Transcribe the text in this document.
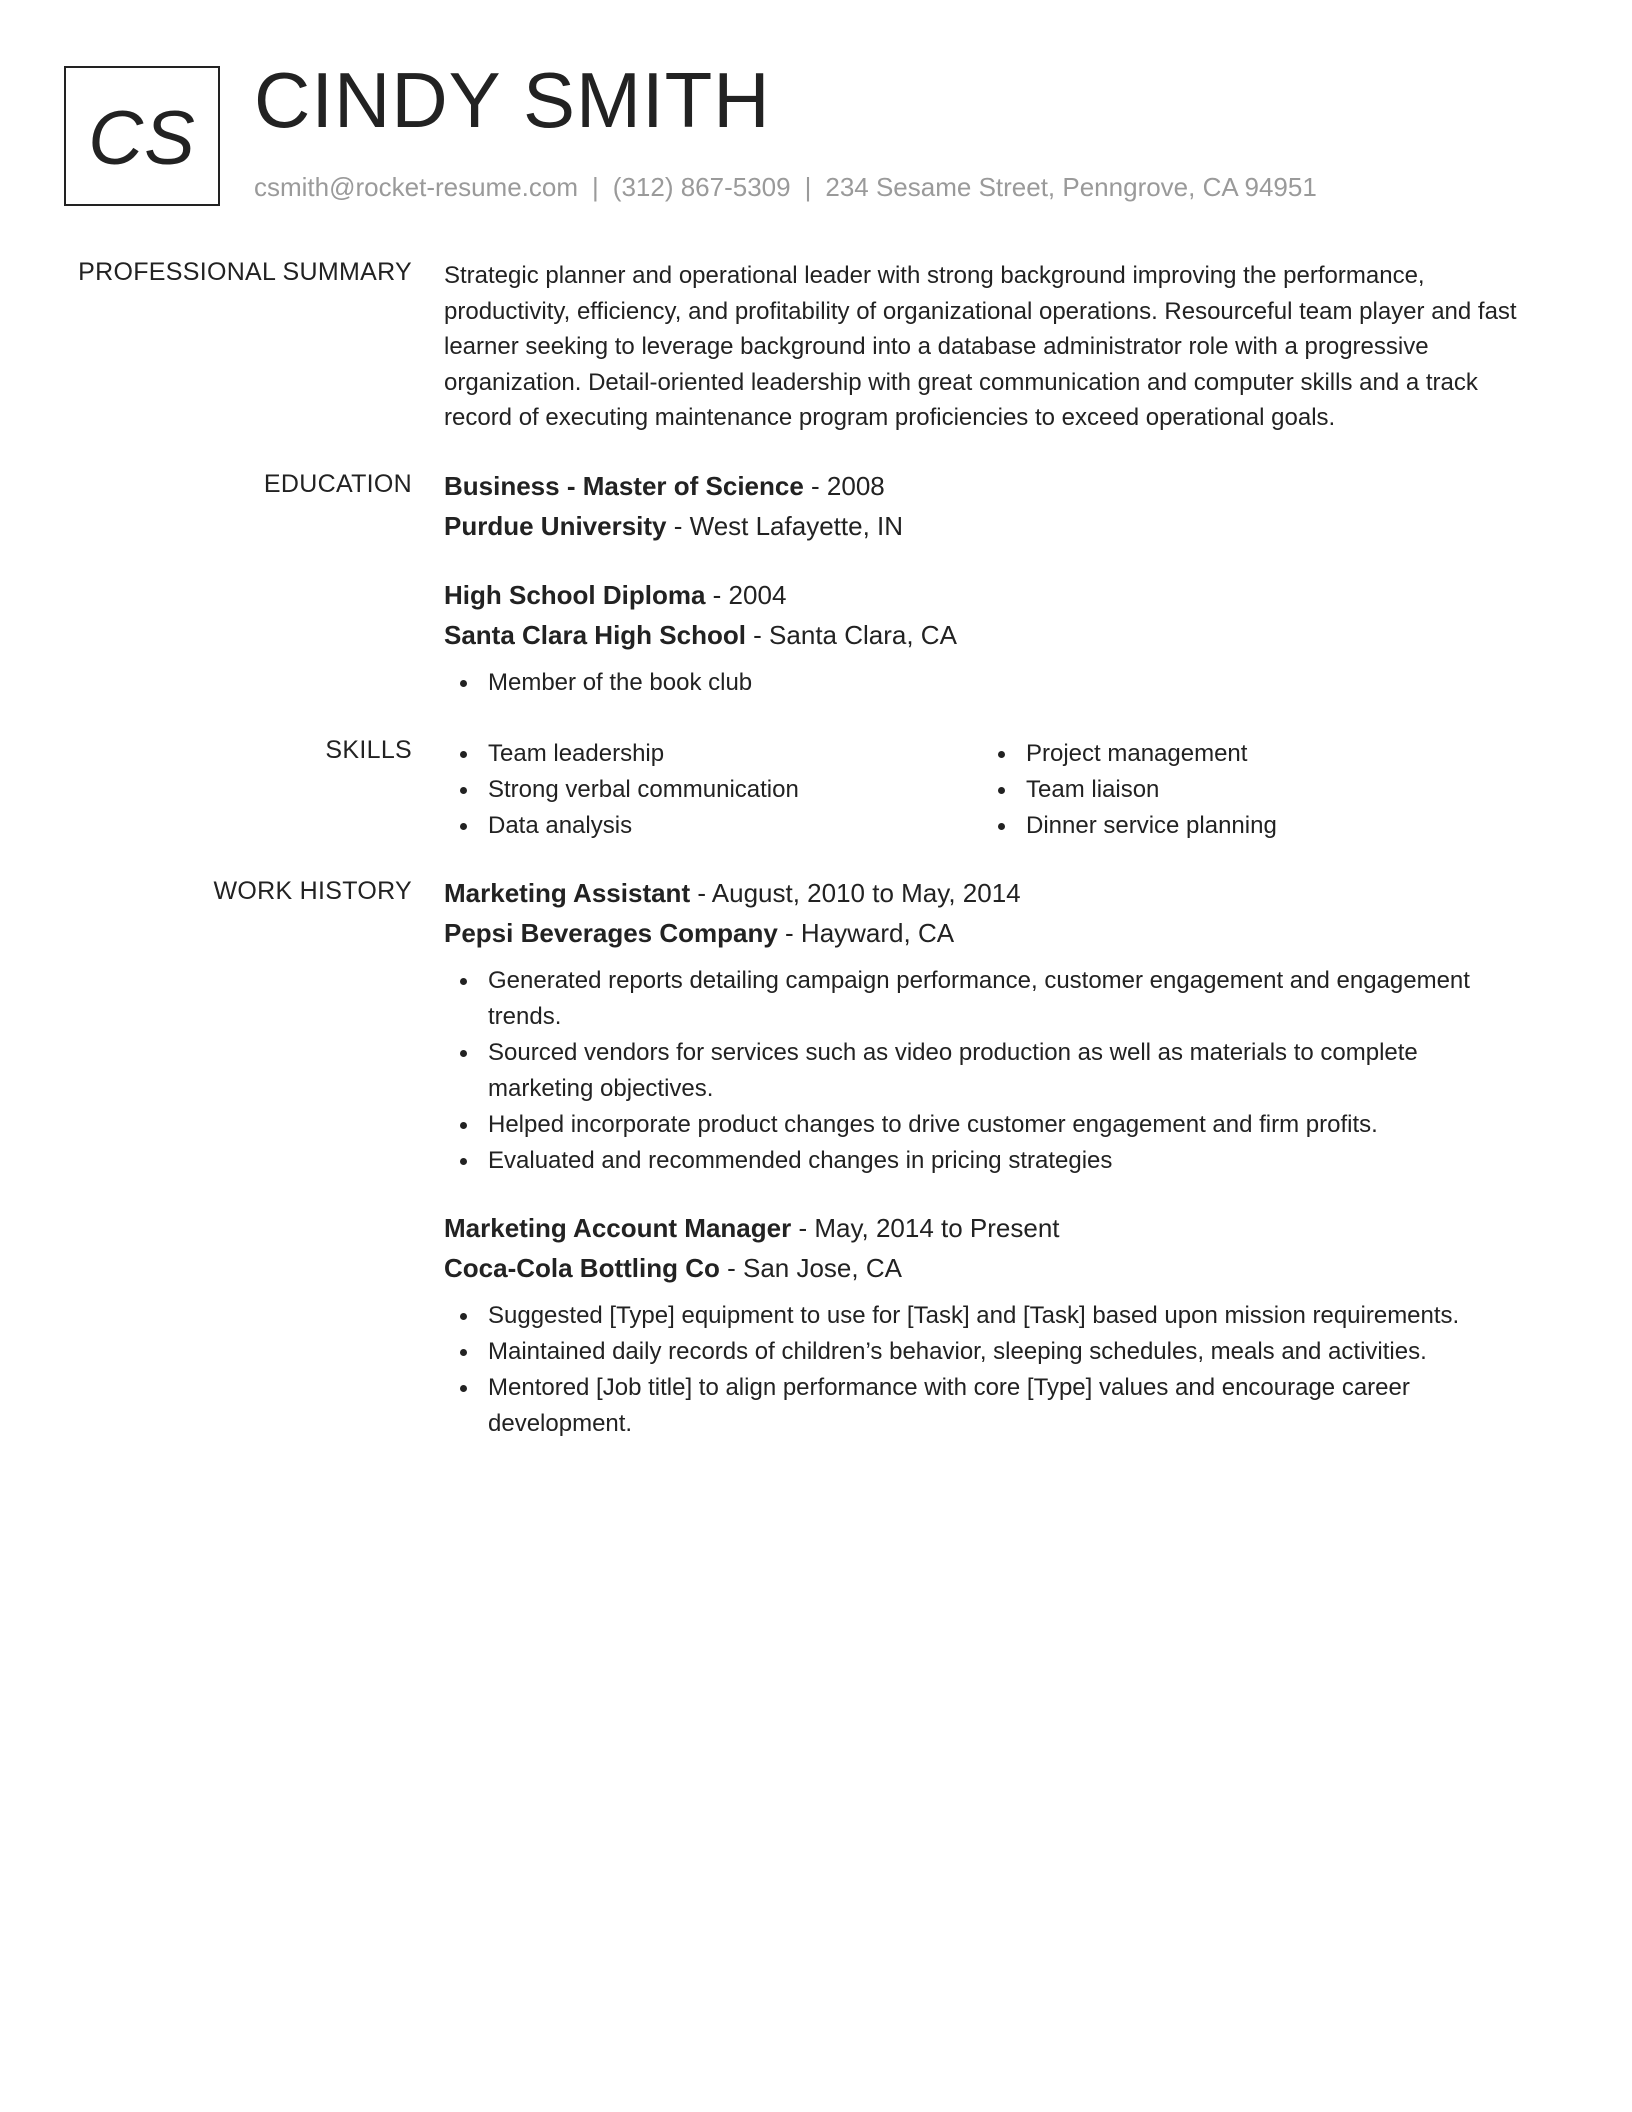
CS CINDY SMITH
csmith@rocket-resume.com | (312) 867-5309 | 234 Sesame Street, Penngrove, CA 94951
PROFESSIONAL SUMMARY Strategic planner and operational leader with strong background improving the performance, productivity, efficiency, and profitability of organizational operations. Resourceful team player and fast learner seeking to leverage background into a database administrator role with a progressive organization. Detail-oriented leadership with great communication and computer skills and a track record of executing maintenance program proficiencies to exceed operational goals.
EDUCATION Business - Master of Science - 2008
Purdue University - West Lafayette, IN
High School Diploma - 2004
Santa Clara High School - Santa Clara, CA
Member of the book club
SKILLS	Team leadership
Strong verbal communication
Data analysis
Project management
Team liaison
Dinner service planning
WORK HISTORY Marketing Assistant - August, 2010 to May, 2014
Pepsi Beverages Company - Hayward, CA
Generated reports detailing campaign performance, customer engagement and engagement trends.
Sourced vendors for services such as video production as well as materials to complete marketing objectives.
Helped incorporate product changes to drive customer engagement and firm profits.
Evaluated and recommended changes in pricing strategies
Marketing Account Manager - May, 2014 to Present
Coca-Cola Bottling Co - San Jose, CA
Suggested [Type] equipment to use for [Task] and [Task] based upon mission requirements.
Maintained daily records of children’s behavior, sleeping schedules, meals and activities.
Mentored [Job title] to align performance with core [Type] values and encourage career development.
